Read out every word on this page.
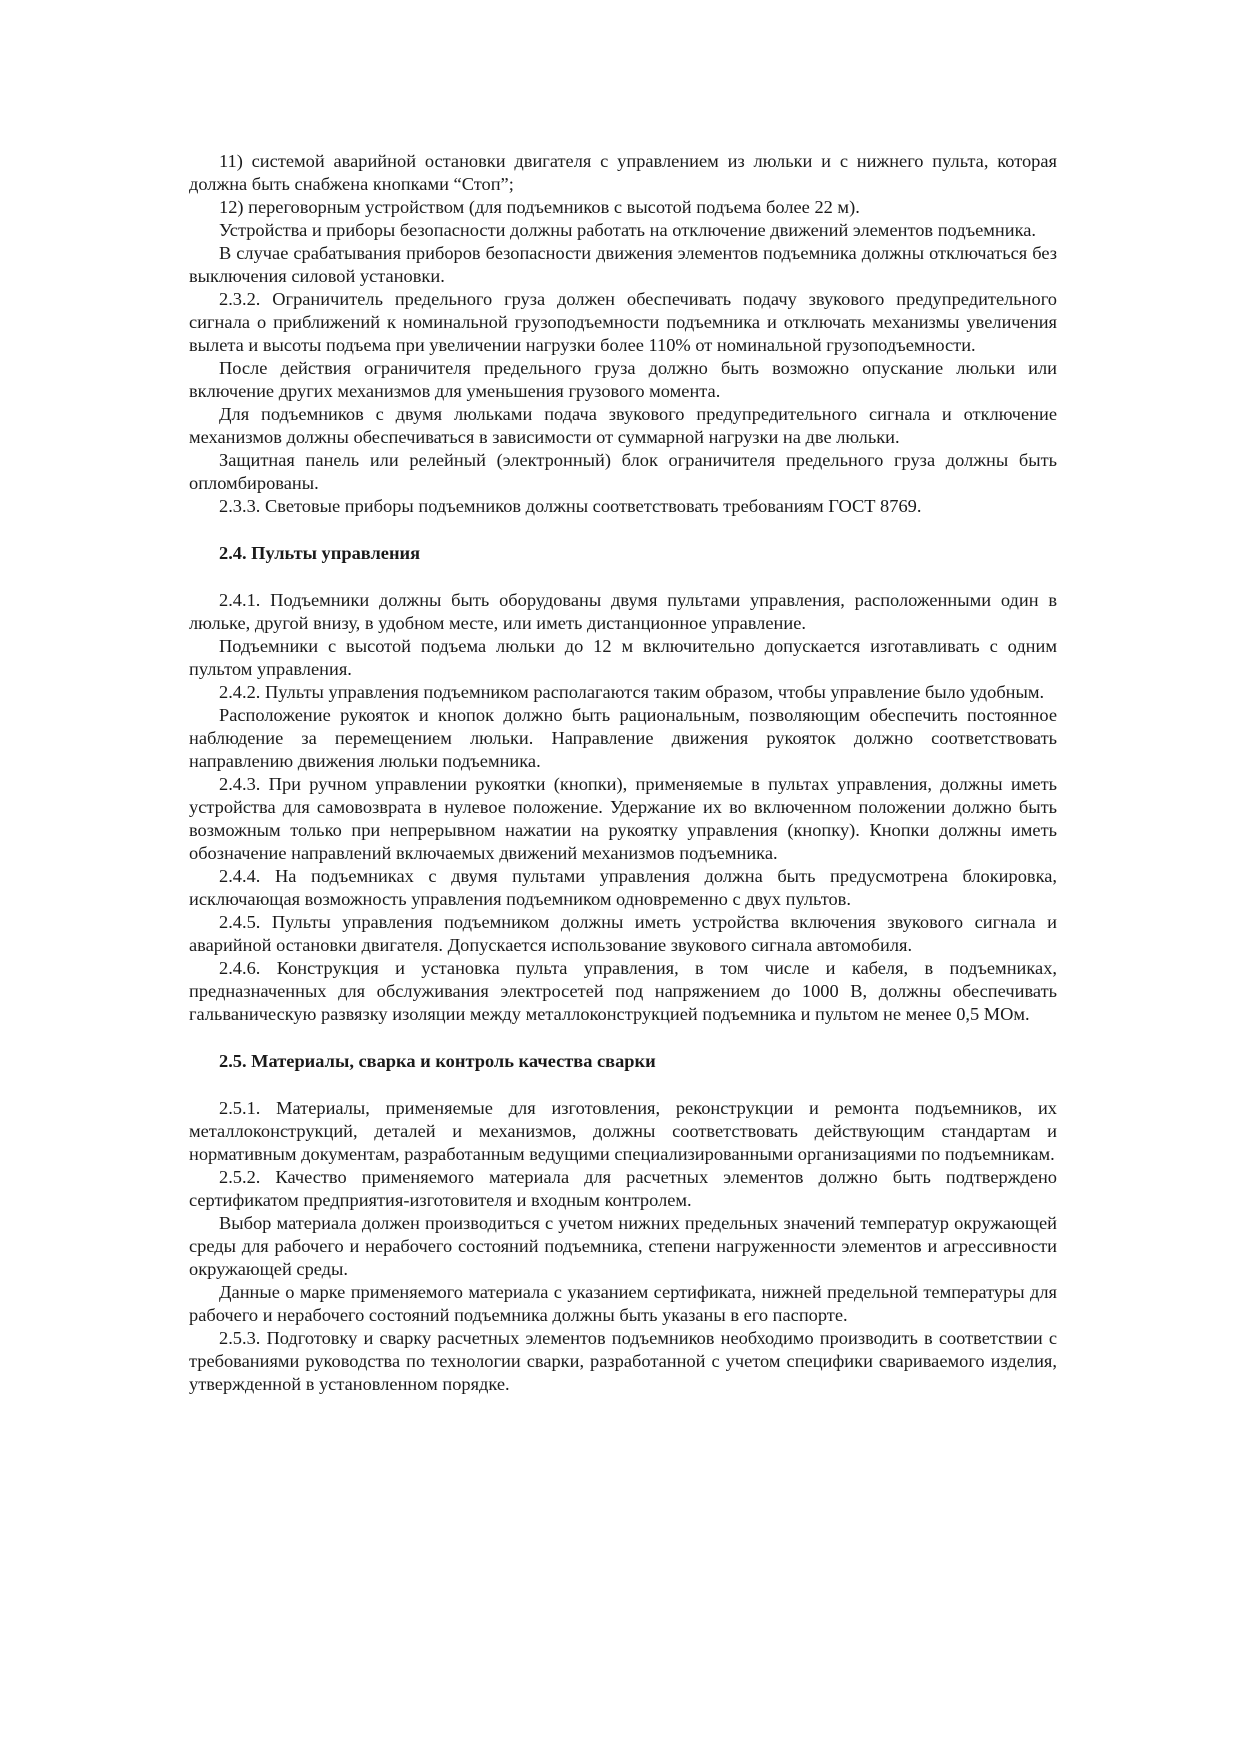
11) системой аварийной остановки двигателя с управлением из люльки и с нижнего пульта, которая должна быть снабжена кнопками “Стоп”;

12) переговорным устройством (для подъемников с высотой подъема более 22 м).

Устройства и приборы безопасности должны работать на отключение движений элементов подъемника.

В случае срабатывания приборов безопасности движения элементов подъемника должны отключаться без выключения силовой установки.

2.3.2. Ограничитель предельного груза должен обеспечивать подачу звукового предупредительного сигнала о приближений к номинальной грузоподъемности подъемника и отключать механизмы увеличения вылета и высоты подъема при увеличении нагрузки более 110% от номинальной грузоподъемности.

После действия ограничителя предельного груза должно быть возможно опускание люльки или включение других механизмов для уменьшения грузового момента.

Для подъемников с двумя люльками подача звукового предупредительного сигнала и отключение механизмов должны обеспечиваться в зависимости от суммарной нагрузки на две люльки.

Защитная панель или релейный (электронный) блок ограничителя предельного груза должны быть опломбированы.

2.3.3. Световые приборы подъемников должны соответствовать требованиям ГОСТ 8769.

2.4. Пульты управления

2.4.1. Подъемники должны быть оборудованы двумя пультами управления, расположенными один в люльке, другой внизу, в удобном месте, или иметь дистанционное управление.

Подъемники с высотой подъема люльки до 12 м включительно допускается изготавливать с одним пультом управления.

2.4.2. Пульты управления подъемником располагаются таким образом, чтобы управление было удобным.

Расположение рукояток и кнопок должно быть рациональным, позволяющим обеспечить постоянное наблюдение за перемещением люльки. Направление движения рукояток должно соответствовать направлению движения люльки подъемника.

2.4.3. При ручном управлении рукоятки (кнопки), применяемые в пультах управления, должны иметь устройства для самовозврата в нулевое положение. Удержание их во включенном положении должно быть возможным только при непрерывном нажатии на рукоятку управления (кнопку). Кнопки должны иметь обозначение направлений включаемых движений механизмов подъемника.

2.4.4. На подъемниках с двумя пультами управления должна быть предусмотрена блокировка, исключающая возможность управления подъемником одновременно с двух пультов.

2.4.5. Пульты управления подъемником должны иметь устройства включения звукового сигнала и аварийной остановки двигателя. Допускается использование звукового сигнала автомобиля.

2.4.6. Конструкция и установка пульта управления, в том числе и кабеля, в подъемниках, предназначенных для обслуживания электросетей под напряжением до 1000 В, должны обеспечивать гальваническую развязку изоляции между металлоконструкцией подъемника и пультом не менее 0,5 МОм.

2.5. Материалы, сварка и контроль качества сварки

2.5.1. Материалы, применяемые для изготовления, реконструкции и ремонта подъемников, их металлоконструкций, деталей и механизмов, должны соответствовать действующим стандартам и нормативным документам, разработанным ведущими специализированными организациями по подъемникам.

2.5.2. Качество применяемого материала для расчетных элементов должно быть подтверждено сертификатом предприятия-изготовителя и входным контролем.

Выбор материала должен производиться с учетом нижних предельных значений температур окружающей среды для рабочего и нерабочего состояний подъемника, степени нагруженности элементов и агрессивности окружающей среды.

Данные о марке применяемого материала с указанием сертификата, нижней предельной температуры для рабочего и нерабочего состояний подъемника должны быть указаны в его паспорте.

2.5.3. Подготовку и сварку расчетных элементов подъемников необходимо производить в соответствии с требованиями руководства по технологии сварки, разработанной с учетом специфики свариваемого изделия, утвержденной в установленном порядке.
